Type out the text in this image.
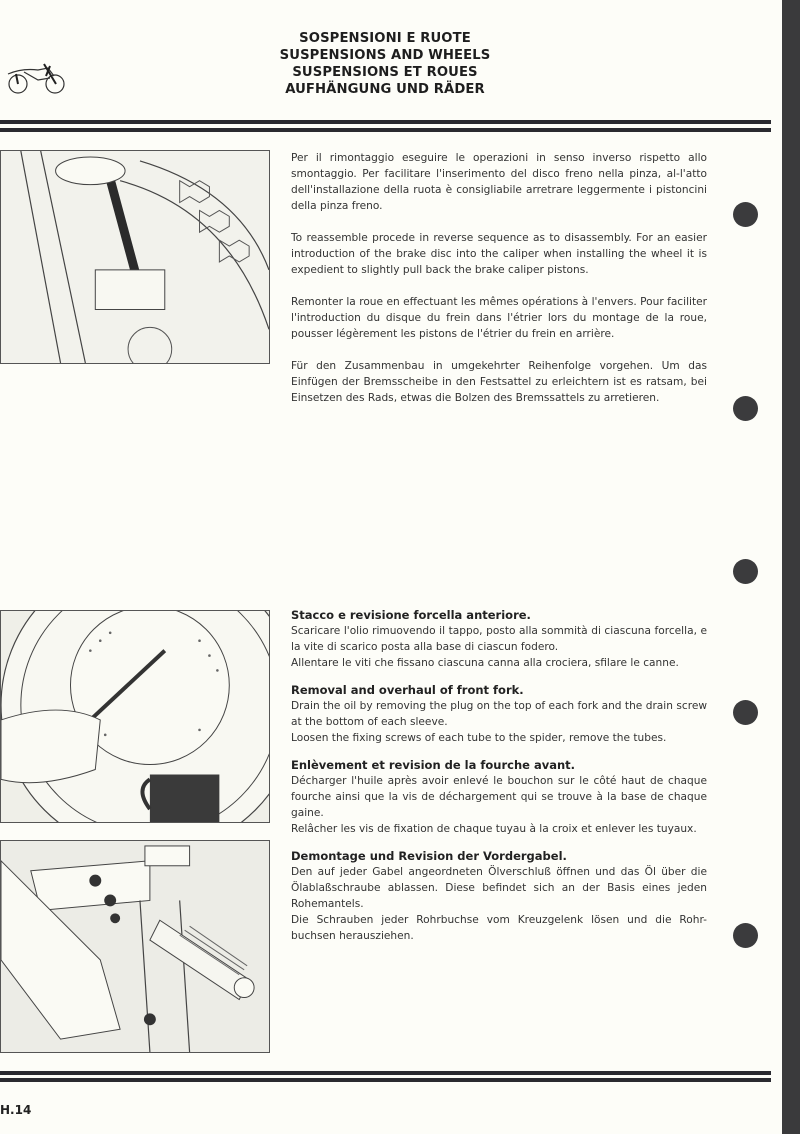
SOSPENSIONI E RUOTE
SUSPENSIONS AND WHEELS
SUSPENSIONS ET ROUES
AUFHÄNGUNG UND RÄDER

Per il rimontaggio eseguire le operazioni in senso inverso rispetto allo smontaggio. Per facilitare l'inserimento del disco freno nella pinza, al-l'atto dell'installazione della ruota è consigliabile arretrare leggermente i pistoncini della pinza freno.

To reassemble procede in reverse sequence as to disassembly. For an easier introduction of the brake disc into the caliper when installing the wheel it is expedient to slightly pull back the brake caliper pistons.

Remonter la roue en effectuant les mêmes opérations à l'envers. Pour faciliter l'introduction du disque du frein dans l'étrier lors du montage de la roue, pousser légèrement les pistons de l'étrier du frein en arrière.

Für den Zusammenbau in umgekehrter Reihenfolge vorgehen. Um das Einfügen der Bremsscheibe in den Festsattel zu erleichtern ist es ratsam, bei Einsetzen des Rads, etwas die Bolzen des Bremssattels zu arretieren.

Stacco e revisione forcella anteriore.

Scaricare l'olio rimuovendo il tappo, posto alla sommità di ciascuna forcella, e la vite di scarico posta alla base di ciascun fodero.

Allentare le viti che fissano ciascuna canna alla crociera, sfilare le canne.

Removal and overhaul of front fork.

Drain the oil by removing the plug on the top of each fork and the drain screw at the bottom of each sleeve.

Loosen the fixing screws of each tube to the spider, remove the tubes.

Enlèvement et revision de la fourche avant.

Décharger l'huile après avoir enlevé le bouchon sur le côté haut de chaque fourche ainsi que la vis de déchargement qui se trouve à la base de chaque gaine.

Relâcher les vis de fixation de chaque tuyau à la croix et enlever les tuyaux.

Demontage und Revision der Vordergabel.

Den auf jeder Gabel angeordneten Ölverschluß öffnen und das Öl über die Ölablaßschraube ablassen. Diese befindet sich an der Basis eines jeden Rohemantels.

Die Schrauben jeder Rohrbuchse vom Kreuzgelenk lösen und die Rohr-buchsen herausziehen.

H.14
